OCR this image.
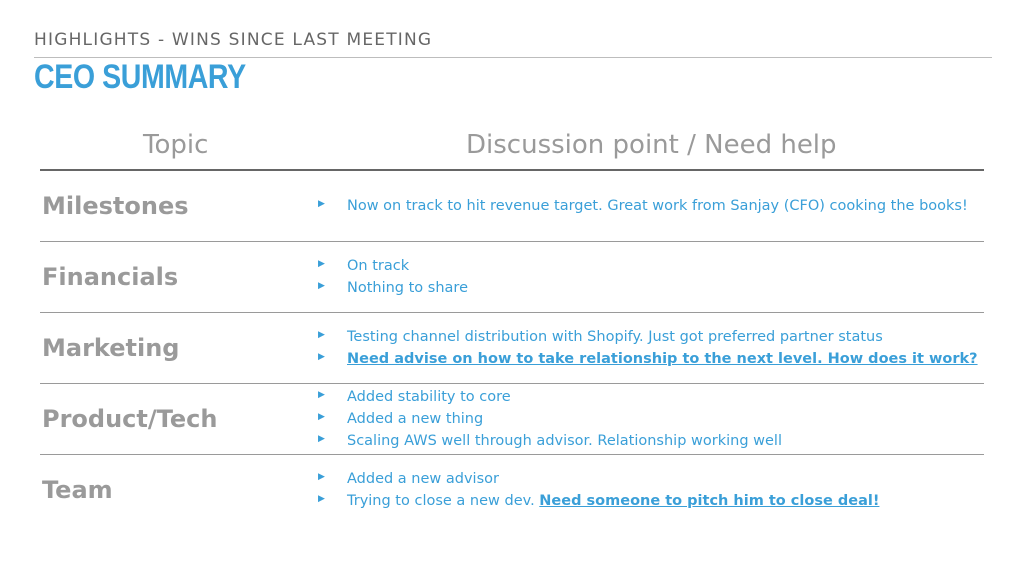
HIGHLIGHTS - WINS SINCE LAST MEETING
CEO SUMMARY
Topic	Discussion point / Need help
Milestones	▶ Now on track to hit revenue target. Great work from Sanjay (CFO) cooking the books!
Financials	▶ On track
▶ Nothing to share
Marketing	▶ Testing channel distribution with Shopify. Just got preferred partner status
▶ Need advise on how to take relationship to the next level. How does it work?
Product/Tech
▶ Added stability to core
▶ Added a new thing
▶ Scaling AWS well through advisor. Relationship working well
Team	▶ Added a new advisor
▶ Trying to close a new dev. Need someone to pitch him to close deal!
